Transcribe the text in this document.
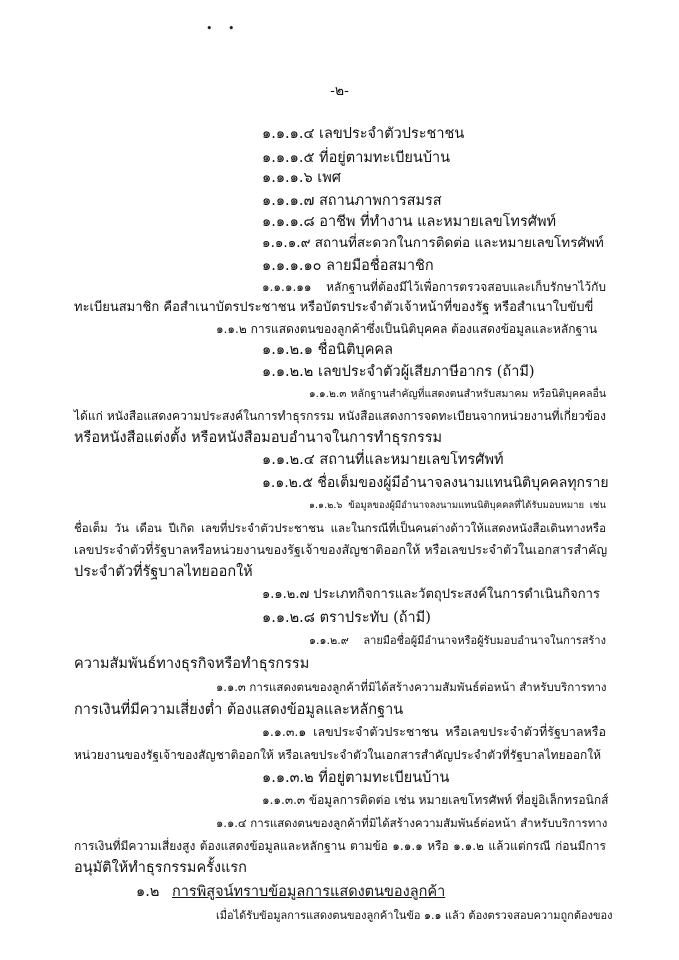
• •
-๒-
๑.๑.๑.๔ เลขประจำตัวประชาชน
๑.๑.๑.๕ ที่อยู่ตามทะเบียนบ้าน
๑.๑.๑.๖ เพศ
๑.๑.๑.๗ สถานภาพการสมรส
๑.๑.๑.๘ อาชีพ ที่ทำงาน และหมายเลขโทรศัพท์
๑.๑.๑.๙ สถานที่สะดวกในการติดต่อ และหมายเลขโทรศัพท์
๑.๑.๑.๑๐ ลายมือชื่อสมาชิก
๑.๑.๑.๑๑ หลักฐานที่ต้องมีไว้เพื่อการตรวจสอบและเก็บรักษาไว้กับ
ทะเบียนสมาชิก คือสำเนาบัตรประชาชน หรือบัตรประจำตัวเจ้าหน้าที่ของรัฐ หรือสำเนาใบขับขี่
๑.๑.๒ การแสดงตนของลูกค้าซึ่งเป็นนิติบุคคล ต้องแสดงข้อมูลและหลักฐาน
๑.๑.๒.๑ ชื่อนิติบุคคล
๑.๑.๒.๒ เลขประจำตัวผู้เสียภาษีอากร (ถ้ามี)
๑.๑.๒.๓ หลักฐานสำคัญที่แสดงตนสำหรับสมาคม หรือนิติบุคคลอื่น
ได้แก่ หนังสือแสดงความประสงค์ในการทำธุรกรรม หนังสือแสดงการจดทะเบียนจากหน่วยงานที่เกี่ยวข้อง
หรือหนังสือแต่งตั้ง หรือหนังสือมอบอำนาจในการทำธุรกรรม
๑.๑.๒.๔ สถานที่และหมายเลขโทรศัพท์
๑.๑.๒.๕ ชื่อเต็มของผู้มีอำนาจลงนามแทนนิติบุคคลทุกราย
๑.๑.๒.๖ ข้อมูลของผู้มีอำนาจลงนามแทนนิติบุคคลที่ได้รับมอบหมาย เช่น
ชื่อเต็ม วัน เดือน ปีเกิด เลขที่ประจำตัวประชาชน และในกรณีที่เป็นคนต่างด้าวให้แสดงหนังสือเดินทางหรือ
เลขประจำตัวที่รัฐบาลหรือหน่วยงานของรัฐเจ้าของสัญชาติออกให้ หรือเลขประจำตัวในเอกสารสำคัญ
ประจำตัวที่รัฐบาลไทยออกให้
๑.๑.๒.๗ ประเภทกิจการและวัตถุประสงค์ในการดำเนินกิจการ
๑.๑.๒.๘ ตราประทับ (ถ้ามี)
๑.๑.๒.๙ ลายมือชื่อผู้มีอำนาจหรือผู้รับมอบอำนาจในการสร้าง
ความสัมพันธ์ทางธุรกิจหรือทำธุรกรรม
๑.๑.๓ การแสดงตนของลูกค้าที่มิได้สร้างความสัมพันธ์ต่อหน้า สำหรับบริการทาง
การเงินที่มีความเสี่ยงต่ำ ต้องแสดงข้อมูลและหลักฐาน
๑.๑.๓.๑ เลขประจำตัวประชาชน หรือเลขประจำตัวที่รัฐบาลหรือ
หน่วยงานของรัฐเจ้าของสัญชาติออกให้ หรือเลขประจำตัวในเอกสารสำคัญประจำตัวที่รัฐบาลไทยออกให้
๑.๑.๓.๒ ที่อยู่ตามทะเบียนบ้าน
๑.๑.๓.๓ ข้อมูลการติดต่อ เช่น หมายเลขโทรศัพท์ ที่อยู่อิเล็กทรอนิกส์
๑.๑.๔ การแสดงตนของลูกค้าที่มิได้สร้างความสัมพันธ์ต่อหน้า สำหรับบริการทาง
การเงินที่มีความเสี่ยงสูง ต้องแสดงข้อมูลและหลักฐาน ตามข้อ ๑.๑.๑ หรือ ๑.๑.๒ แล้วแต่กรณี ก่อนมีการ
อนุมัติให้ทำธุรกรรมครั้งแรก
๑.๒ การพิสูจน์ทราบข้อมูลการแสดงตนของลูกค้า
เมื่อได้รับข้อมูลการแสดงตนของลูกค้าในข้อ ๑.๑ แล้ว ต้องตรวจสอบความถูกต้องของ
